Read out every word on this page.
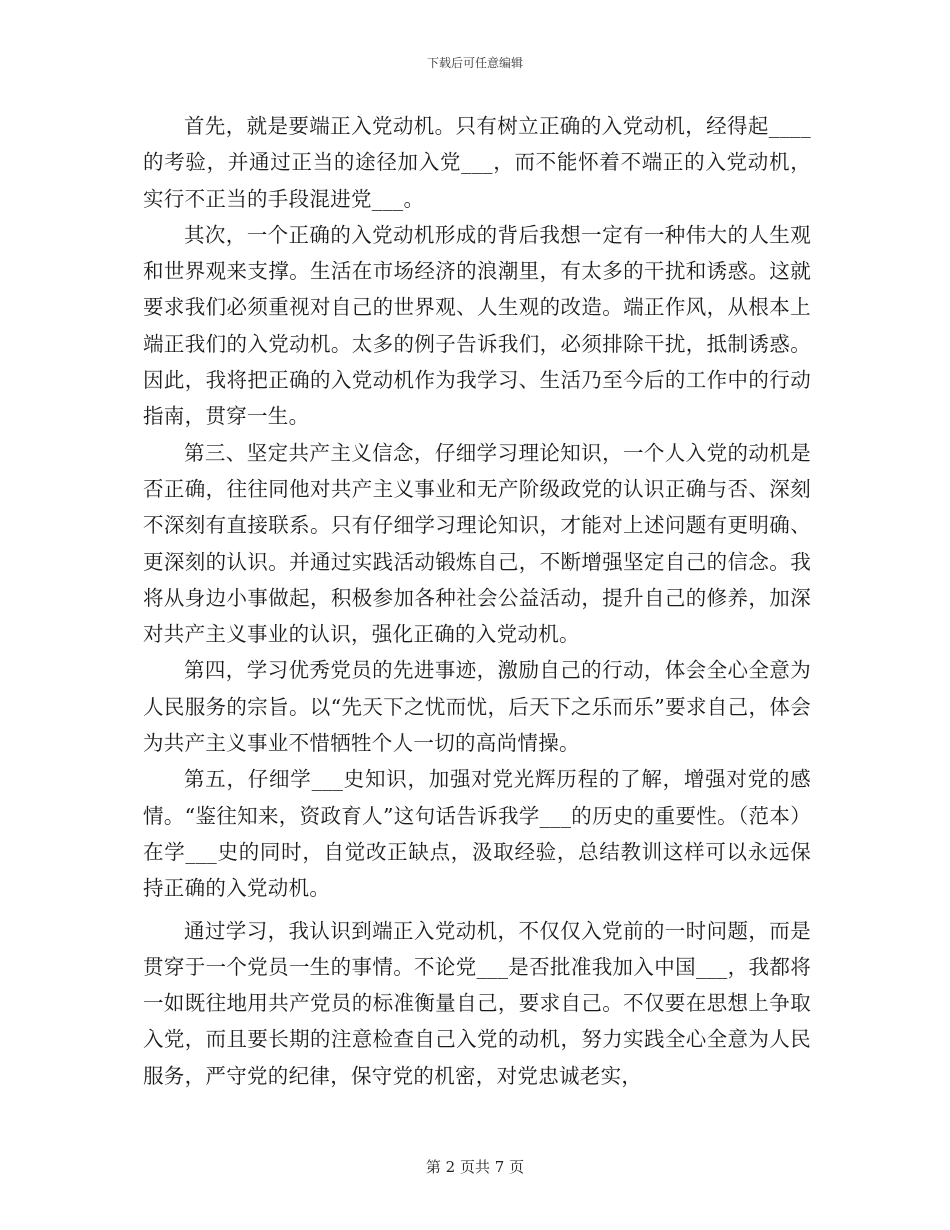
下载后可任意编辑

首先，就是要端正入党动机。只有树立正确的入党动机，经得起____的考验，并通过正当的途径加入党___，而不能怀着不端正的入党动机，实行不正当的手段混进党___。

其次，一个正确的入党动机形成的背后我想一定有一种伟大的人生观和世界观来支撑。生活在市场经济的浪潮里，有太多的干扰和诱惑。这就要求我们必须重视对自己的世界观、人生观的改造。端正作风，从根本上端正我们的入党动机。太多的例子告诉我们，必须排除干扰，抵制诱惑。因此，我将把正确的入党动机作为我学习、生活乃至今后的工作中的行动指南，贯穿一生。

第三、坚定共产主义信念，仔细学习理论知识，一个人入党的动机是否正确，往往同他对共产主义事业和无产阶级政党的认识正确与否、深刻不深刻有直接联系。只有仔细学习理论知识，才能对上述问题有更明确、更深刻的认识。并通过实践活动锻炼自己，不断增强坚定自己的信念。我将从身边小事做起，积极参加各种社会公益活动，提升自己的修养，加深对共产主义事业的认识，强化正确的入党动机。

第四，学习优秀党员的先进事迹，激励自己的行动，体会全心全意为人民服务的宗旨。以“先天下之忧而忧，后天下之乐而乐”要求自己，体会为共产主义事业不惜牺牲个人一切的高尚情操。

第五，仔细学___史知识，加强对党光辉历程的了解，增强对党的感情。“鉴往知来，资政育人”这句话告诉我学___的历史的重要性。（范本）在学___史的同时，自觉改正缺点，汲取经验，总结教训这样可以永远保持正确的入党动机。

通过学习，我认识到端正入党动机，不仅仅入党前的一时问题，而是贯穿于一个党员一生的事情。不论党___是否批准我加入中国___，我都将一如既往地用共产党员的标准衡量自己，要求自己。不仅要在思想上争取入党，而且要长期的注意检查自己入党的动机，努力实践全心全意为人民服务，严守党的纪律，保守党的机密，对党忠诚老实，

第 2 页共 7 页
